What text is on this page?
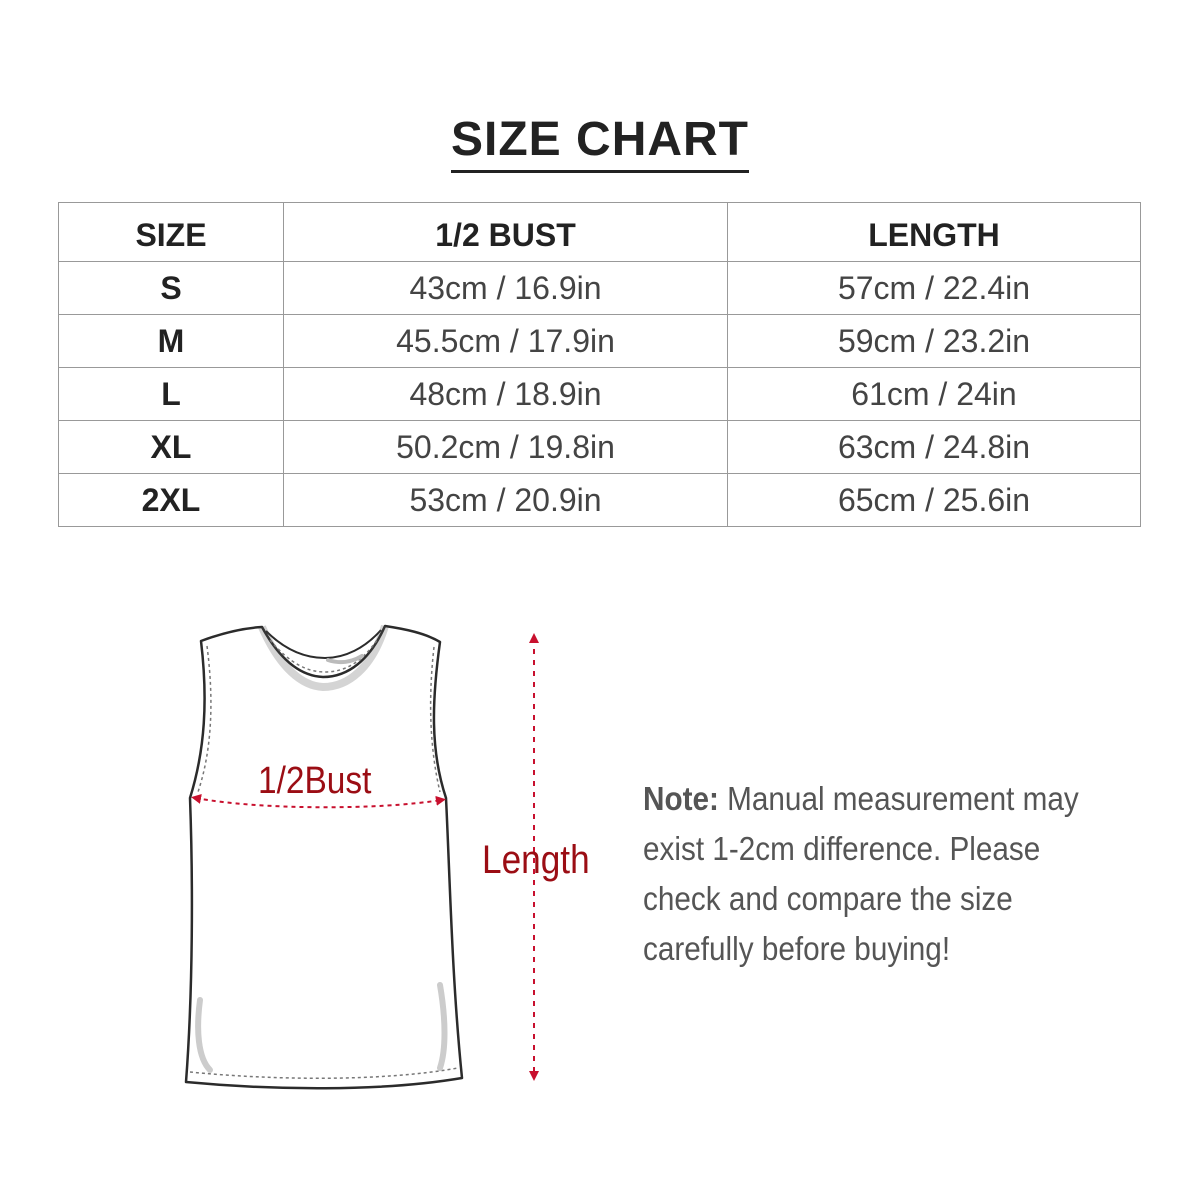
SIZE CHART
SIZE	1/2 BUST	LENGTH
S	43cm / 16.9in	57cm / 22.4in
M	45.5cm / 17.9in	59cm / 23.2in
L	48cm / 18.9in	61cm / 24in
XL	50.2cm / 19.8in	63cm / 24.8in
2XL	53cm / 20.9in	65cm / 25.6in
1/2Bust
Length
Note: Manual measurement may
exist 1-2cm difference. Please
check and compare the size
carefully before buying!
